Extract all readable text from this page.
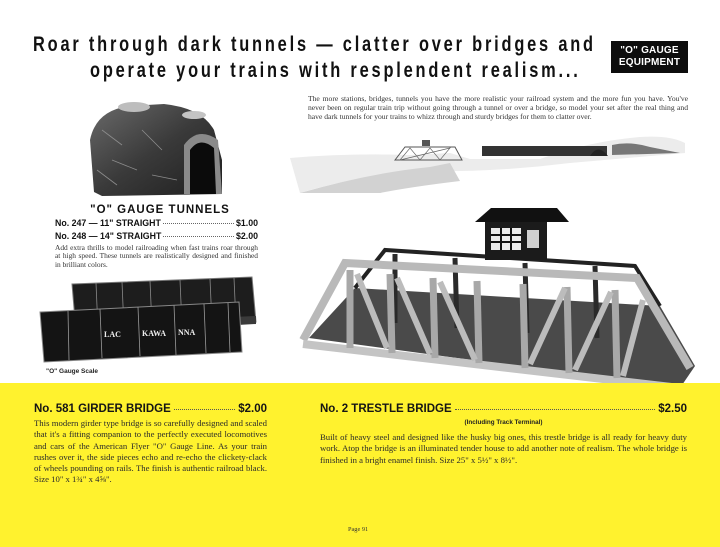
Roar through dark tunnels — clatter over bridges and
operate your trains with resplendent realism...
"O" GAUGE
EQUIPMENT

The more stations, bridges, tunnels you have the more realistic your railroad system and the more fun you have. You've never been on regular train trip without going through a tunnel or over a bridge, so model your set after the real thing and have dark tunnels for your trains to whizz through and sturdy bridges for them to clatter over.

"O" GAUGE TUNNELS
No. 247 — 11" STRAIGHT	$1.00
No. 248 — 14" STRAIGHT	$2.00

Add extra thrills to model railroading when fast trains roar through at high speed. These tunnels are realistically designed and finished in brilliant colors.

LAC	KAWA NNA
"O" Gauge Scale
No. 581 GIRDER BRIDGE	$2.00

This modern girder type bridge is so carefully designed and scaled that it's a fitting companion to the perfectly executed locomotives and cars of the American Flyer "O" Gauge Line. As your train rushes over it, the side pieces echo and re-echo the clickety-clack of wheels pounding on rails. The finish is authentic railroad black. Size 10" x 1¾" x 4⅝".

No. 2 TRESTLE BRIDGE	$2.50
(Including Track Terminal)

Built of heavy steel and designed like the husky big ones, this trestle bridge is all ready for heavy duty work. Atop the bridge is an illuminated tender house to add another note of realism. The whole bridge is finished in a bright enamel finish. Size 25" x 5½" x 8½".

Page 91
